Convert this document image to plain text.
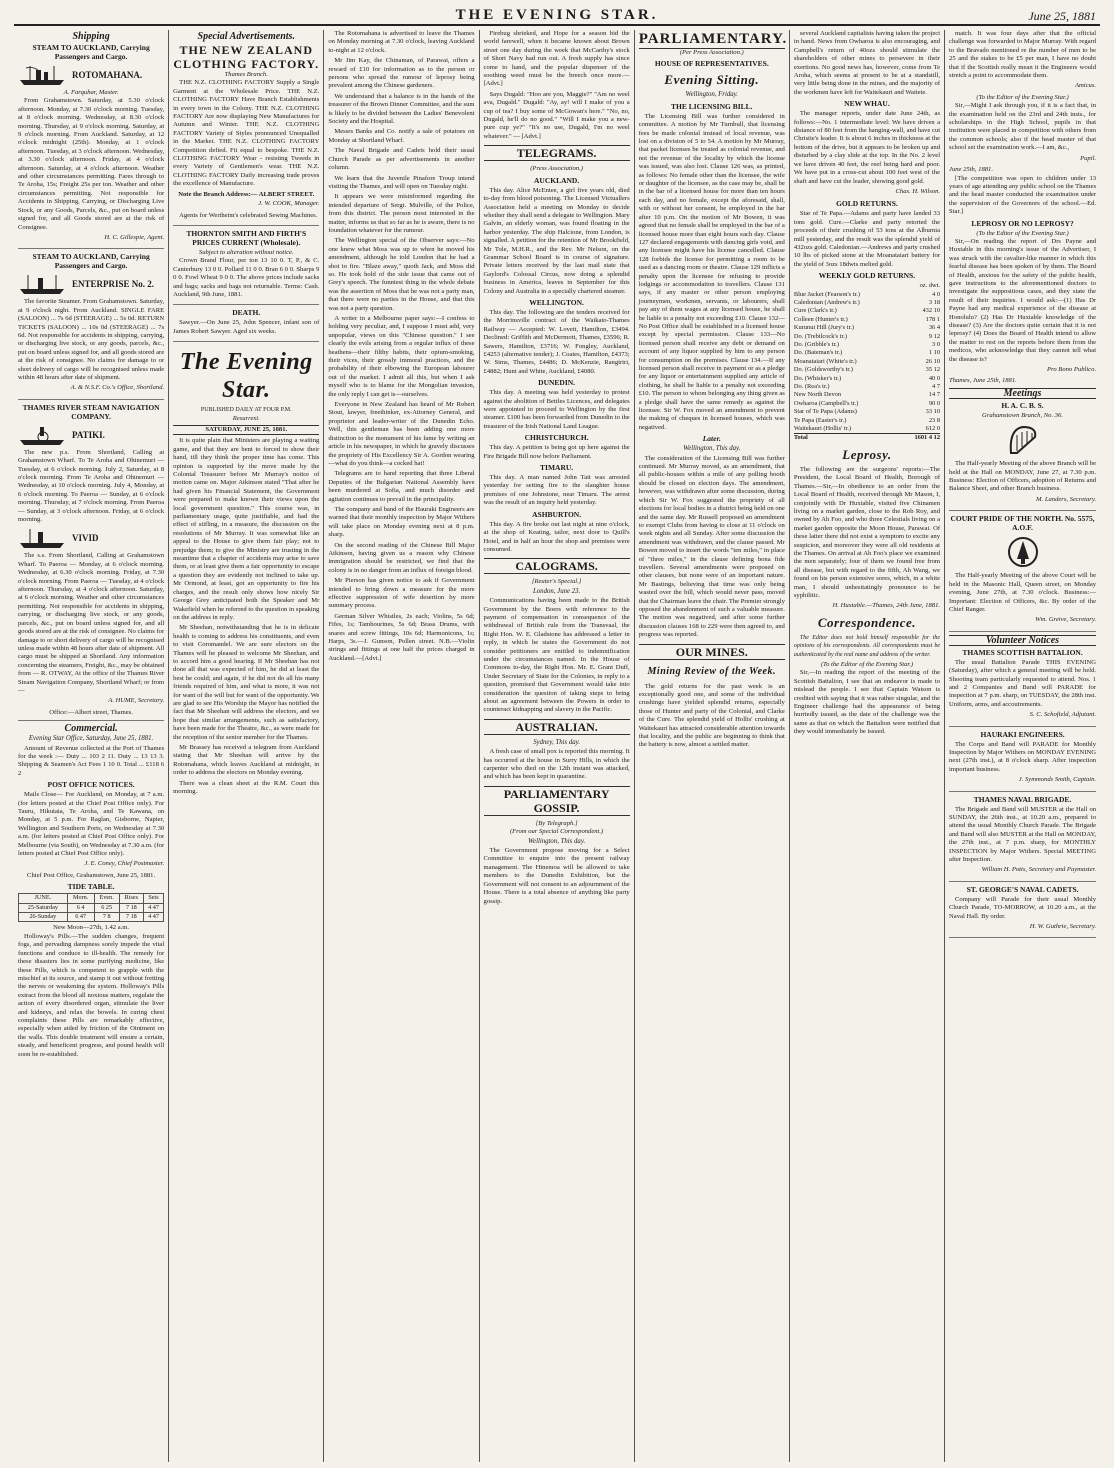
THE EVENING STAR.	June 25, 1881
Shipping
STEAM TO AUCKLAND, Carrying Passengers and Cargo.
ROTOMAHANA.
A. Farquhar, Master.

From Grahamstown. Saturday, at 5.30 o'clock afternoon. Monday, at 7.30 o'clock morning. Tuesday, at 8 o'clock morning. Wednesday, at 8.30 o'clock morning. Thursday, at 9 o'clock morning. Saturday, at 9 o'clock morning. From Auckland. Saturday, at 12 o'clock midnight (25th). Monday, at 1 o'clock afternoon. Tuesday, at 3 o'clock afternoon. Wednesday, at 3.30 o'clock afternoon. Friday, at 4 o'clock afternoon. Saturday, at 4 o'clock afternoon. Weather and other circumstances permitting. Fares through to Te Aroha, 15s; Freight 25s per ton. Weather and other circumstances permitting. Not responsible for Accidents in Shipping, Carrying, or Discharging Live Stock, or any Goods, Parcels, &c., put on board unless signed for, and all Goods stored are at the risk of Consignee.

H. C. Gillespie, Agent.
STEAM TO AUCKLAND, Carrying Passengers and Cargo.
ENTERPRISE No. 2.

The favorite Steamer. From Grahamstown. Saturday, at 9 o'clock night. From Auckland. SINGLE FARE (SALOON) ... 7s 6d (STEERAGE) ... 5s 0d. RETURN TICKETS (SALOON) ... 10s 0d (STEERAGE) ... 7s 6d. Not responsible for accidents in shipping, carrying, or discharging live stock, or any goods, parcels, &c., put on board unless signed for, and all goods stored are at the risk of consignee. No claims for damage to or short delivery of cargo will be recognised unless made within 48 hours after date of shipment.

A. & N.S.F. Co.'s Office, Shortland.
THAMES RIVER STEAM NAVIGATION COMPANY.
PATIKI.

The new p.s. From Shortland, Calling at Grahamstown Wharf. To Te Aroha and Ohinemuri — Tuesday, at 6 o'clock morning. July 2, Saturday, at 8 o'clock morning. From Te Aroha and Ohinemuri — Wednesday, at 10 o'clock morning. July 4, Monday, at 6 o'clock morning. To Paeroa — Sunday, at 6 o'clock morning. Thursday, at 7 o'clock morning. From Paeroa — Sunday, at 3 o'clock afternoon. Friday, at 6 o'clock morning.

VIVID

The s.s. From Shortland, Calling at Grahamstown Wharf. To Paeroa — Monday, at 6 o'clock morning. Wednesday, at 6.30 o'clock morning. Friday, at 7.30 o'clock morning. From Paeroa — Tuesday, at 4 o'clock afternoon. Thursday, at 4 o'clock afternoon. Saturday, at 6 o'clock morning. Weather and other circumstances permitting. Not responsible for accidents in shipping, carrying, or discharging live stock, or any goods, parcels, &c., put on board unless signed for, and all goods stored are at the risk of consignee. No claims for damage to or short delivery of cargo will be recognised unless made within 48 hours after date of shipment. All cargo must be shipped at Shortland. Any information concerning the steamers, Freight, &c., may be obtained from — R. OTWAY, At the office of the Thames River Steam Navigation Company, Shortland Wharf; or from —

A. HUME, Secretary.
Office:—Albert street, Thames.
Commercial.
Evening Star Office, Saturday, June 25, 1881.

Amount of Revenue collected at the Port of Thames for the week :— Duty ... 103 2 11. Duty ... 13 13 3. Shipping & Seamen's Act Fees 1 10 0. Total ... £118 6 2

POST OFFICE NOTICES.

Mails Close— For Auckland, on Monday, at 7 a.m. (for letters posted at the Chief Post Office only). For Tauru, Hikutaia, Te Aroha, and Te Kawana, on Monday, at 5 p.m. For Raglan, Gisborne, Napier, Wellington and Southern Ports, on Wednesday at 7.30 a.m. (for letters posted at Chief Post Office only). For Melbourne (via South), on Wednesday at 7.30 a.m. (for letters posted at Chief Post Office only).

J. E. Coney, Chief Postmaster.
Chief Post Office, Grahamstown, June 25, 1881.
TIDE TABLE.
JUNE.	Morn.	Even.	Rises	Sets
25-Saturday	6 4	6 25	7 18	4 47
26-Sunday	6 47	7 8	7 18	4 47
New Moon—27th, 1.42 a.m.

Holloway's Pills.—The sudden changes, frequent fogs, and pervading dampness sorely impede the vital functions and conduce to ill-health. The remedy for these disasters lies in some purifying medicine, like these Pills, which is competent to grapple with the mischief at its source, and stamp it out without fretting the nerves or weakening the system. Holloway's Pills extract from the blood all noxious matters, regulate the action of every disordered organ, stimulate the liver and kidneys, and relax the bowels. In curing chest complaints these Pills are remarkably effective, especially when aided by friction of the Ointment on the walls. This double treatment will ensure a certain, steady, and beneficent progress, and pound health will soon be re-established.

Special Advertisements.
THE NEW ZEALAND CLOTHING FACTORY.
Thames Branch.

THE N.Z. CLOTHING FACTORY Supply a Single Garment at the Wholesale Price. THE N.Z. CLOTHING FACTORY Have Branch Establishments in every town in the Colony. THE N.Z. CLOTHING FACTORY Are now displaying New Manufactures for Autumn and Winter. THE N.Z. CLOTHING FACTORY Variety of Styles pronounced Unequalled in the Market. THE N.Z. CLOTHING FACTORY Competition defied. Fit equal to bespoke. THE N.Z. CLOTHING FACTORY Wear - resisting Tweeds in every Variety of Gentlemen's wear. THE N.Z. CLOTHING FACTORY Daily increasing trade proves the excellence of Manufacture.

Note the Branch Address:— ALBERT STREET.
J. W. COOK, Manager.

Agents for Wertheim's celebrated Sewing Machines.

THORNTON SMITH AND FIRTH'S PRICES CURRENT (Wholesale).
Subject to alteration without notice.

Crown Brand Flour, per ton 13 10 0. T, P., & C. Canterbury 13 0 0. Pollard 11 0 0. Bran 6 0 0. Sharps 9 0 0. Fowl Wheat 9 0 0. The above prices include sacks and bags; sacks and bags not returnable. Terms: Cash. Auckland, 9th June, 1881.

DEATH.

Sawyer.—On June 25, John Spencer, infant son of James Robert Sawyer. Aged six weeks.

The Evening Star.
PUBLISHED DAILY AT FOUR P.M.
Resurrexi.
SATURDAY, JUNE 25, 1881.

It is quite plain that Ministers are playing a waiting game, and that they are bent to forced to show their hand, till they think the proper time has come. This opinion is supported by the move made by the Colonial Treasurer before Mr Murray's notice of motion came on. Major Atkinson stated "That after he had given his Financial Statement, the Government were prepared to make known their views upon the local government question." This course was, in parliamentary usage, quite justifiable, and had the effect of stifling, in a measure, the discussion on the resolutions of Mr Murray. It was somewhat like an appeal to the House to give them fair play; not to prejudge them; to give the Ministry are trusting in the meantime that a chapter of accidents may arise to save them, or at least give them a fair opportunity to escape a question they are evidently not inclined to take up. Mr Ormond, at least, got an opportunity to fire his charges, and the result only shows how nicely Sir George Grey anticipated both the Speaker and Mr Wakefield when he referred to the question in speaking on the address in reply.

Mr Sheehan, notwithstanding that he is in delicate health is coming to address his constituents, and even to visit Coromandel. We are sure electors on the Thames will be pleased to welcome Mr Sheehan, and to accord him a good hearing. If Mr Sheehan has not done all that was expected of him, he did at least the best he could; and again, if he did not do all his many friends required of him, and what is more, it was not for want of the will but for want of the opportunity. We are glad to see His Worship the Mayor has notified the fact that Mr Sheehan will address the electors, and we hope that similar arrangements, such as satisfactory, have been made for the Theatre, &c., as were made for the reception of the senior member for the Thames.

Mr Brassey has received a telegram from Auckland stating that Mr Sheehan will arrive by the Rotomahana, which leaves Auckland at midnight, in order to address the electors on Monday evening.

There was a clean sheet at the R.M. Court this morning.

The Rotomahana is advertised to leave the Thames on Monday morning at 7.30 o'clock, leaving Auckland to-night at 12 o'clock.

Mr Jim Kay, the Chinaman, of Parawai, offers a reward of £10 for information as to the person or persons who spread the rumour of leprosy being prevalent among the Chinese gardeners.

We understand that a balance is in the hands of the treasurer of the Brown Dinner Committee, and the sum is likely to be divided between the Ladies' Benevolent Society and the Hospital.

Messrs Banks and Co. notify a sale of potatoes on Monday at Shortland Wharf.

The Naval Brigade and Cadets hold their usual Church Parade as per advertisements in another column.

We learn that the Juvenile Pinafore Troup intend visiting the Thames, and will open on Tuesday night.

It appears we were misinformed regarding the intended departure of Sergt. Mulville, of the Police, from this district. The person most interested in the matter, informs us that so far as he is aware, there is no foundation whatever for the rumour.

The Wellington special of the Observer says:—No one knew what Moss was up to when he moved his amendment, although he told London that he had a shot to fire. "Blaze away," quoth Jack, and Moss did so. He took hold of the side issue that came out of Grey's speech. The funniest thing in the whole debate was the assertion of Moss that he was not a party man, that there were no parties in the House, and that this was not a party question.

A writer in a Melbourne paper says:—I confess to holding very peculiar, and, I suppose I must add, very unpopular, views on this "Chinese question." I see clearly the evils arising from a regular influx of these heathens—their filthy habits, their opium-smoking, their vices, their grossly immoral practices, and the probability of their elbowing the European labourer out of the market. I admit all this, but when I ask myself who is to blame for the Mongolian invasion, the only reply I can get is—ourselves.

Everyone in New Zealand has heard of Mr Robert Stout, lawyer, freethinker, ex-Attorney General, and proprietor and leader-writer of the Dunedin Echo. Well, this gentleman has been adding one more distinction to the monument of his fame by writing an article in his newspaper, in which he gravely discusses the propriety of His Excellency Sir A. Gordon wearing—what do you think—a cocked hat!

Telegrams are to hand reporting that three Liberal Deputies of the Bulgarian National Assembly have been murdered at Sofia, and much disorder and agitation continues to prevail in the principality.

The company and band of the Hauraki Engineers are warned that their monthly inspection by Major Withers will take place on Monday evening next at 8 p.m. sharp.

On the second reading of the Chinese Bill Major Atkinson, having given us a reason why Chinese immigration should be restricted, we find that the colony is in no danger from an influx of foreign blood.

Mr Pierson has given notice to ask if Government intended to bring down a measure for the more effective suppression of wife desertion by more summary process.

German Silver Whistles, 2s each; Violins, 5s 6d; Fifes, 1s; Tambourines, 5s 6d; Brass Drums, with snares and screw fittings, 10s 6d; Harmonicons, 1s; Harps, 3s.—J. Gunson, Pollen street. N.B.—Violin strings and fittings at one half the prices charged in Auckland.—[Advt.]

Firebug shrieked, and Hope for a season bid the world farewell, when it became known about Brown street one day during the week that McCarthy's stock of Short Navy had run out. A fresh supply has since come to hand, and the popular dispenser of the soothing weed must be the breech once more.—[Advt.]

Says Dugald: "Hoo are you, Maggie?" "Am no weel ava, Dugald." Dugald: "Ay, ay! will I make of you a cup of tea? I buy some of McGowan's here." "No, no, Dugald, he'll do no good." "Will I make you a new-pure cup ye?" "It's no use, Dugald, I'm no weel whatever." — [Advt.]

TELEGRAMS.
(Press Association.)
AUCKLAND.

This day. Alice McEntee, a girl five years old, died to-day from blood poisoning. The Licensed Victuallers Association held a meeting on Monday to decide whether they shall send a delegate to Wellington. Mary Galvin, an elderly woman, was found floating in the harbor yesterday. The ship Halcione, from London, is signalled. A petition for the retention of Mr Brookfield, Mr Tole, M.H.R., and the Rev. Mr Nelson, on the Grammar School Board is in course of signature. Private letters received by the last mail state that Gaylord's Colossal Circus, now doing a splendid business in America, leaves in September for this Colony and Australia in a specially chartered steamer.

WELLINGTON.

This day. The following are the tenders received for the Morrinsville contract of the Waikato-Thames Railway — Accepted: W. Lovett, Hamilton, £3494. Declined: Griffith and McDermott, Thames, £3596; R. Sawers, Hamilton, £3716; W. Fongley, Auckland, £4253 (alternative tender); J. Coates, Hamilton, £4373; W. Sims, Thames, £4486; D. McKenzie, Rangiriri, £4882; Hunt and White, Auckland, £4080.

DUNEDIN.

This day. A meeting was held yesterday to protest against the abolition of Bettles Licences, and delegates were appointed to proceed to Wellington by the first steamer. £100 has been forwarded from Dunedin to the treasurer of the Irish National Land League.

CHRISTCHURCH.

This day. A petition is being got up here against the Fire Brigade Bill now before Parliament.

TIMARU.

This day. A man named John Tait was arrested yesterday for setting fire to the slaughter house premises of one Johnstone, near Timaru. The arrest was the result of an inquiry held yesterday.

ASHBURTON.

This day. A fire broke out last night at nine o'clock, at the shop of Keating, tailor, next door to Quill's Hotel, and in half an hour the shop and premises were consumed.

CALOGRAMS.
[Reuter's Special.]
London, June 23.

Communications having been made to the British Government by the Boers with reference to the payment of compensation in consequence of the withdrawal of British rule from the Transvaal, the Right Hon. W. E. Gladstone has addressed a letter in reply, in which he states the Government do not consider petitioners are entitled to indemnification under the circumstances named. In the House of Commons to-day, the Right Hon. Mr. E. Grant Duff, Under Secretary of State for the Colonies, in reply to a question, promised that Government would take into consideration the question of taking steps to bring about an agreement between the Powers in order to counteract kidnapping and slavery in the Pacific.

AUSTRALIAN.
Sydney, This day.

A fresh case of small pox is reported this morning. It has occurred at the house in Surry Hills, in which the carpenter who died on the 12th instant was attacked, and which has been kept in quarantine.

PARLIAMENTARY GOSSIP.
[By Telegraph.]
(From our Special Correspondent.)
Wellington, This day.

The Government propose moving for a Select Committee to enquire into the present railway management. The Hinemoa will be allowed to take members to the Dunedin Exhibition, but the Government will not consent to an adjournment of the House. There is a total absence of anything like party gossip.

PARLIAMENTARY.
(Per Press Association.)
HOUSE OF REPRESENTATIVES.
Evening Sitting.
Wellington, Friday.
THE LICENSING BILL.

The Licensing Bill was further considered in committee. A motion by Mr Turnbull, that licensing fees be made colonial instead of local revenue, was lost on a division of 5 to 54. A motion by Mr Murray, that packet licenses be treated as colonial revenue, and not the revenue of the locality by which the license was issued, was also lost. Clause 126 was, as printed, as follows: No female other than the licensee, the wife or daughter of the licensee, as the case may be, shall be in the bar of a licensed house for more than ten hours each day, and no female, except the aforesaid, shall, with or without her consent, be employed in the bar after 10 p.m. On the motion of Mr Bowen, it was agreed that no female shall be employed in the bar of a licensed house more than eight hours each day. Clause 127 declared engagements with dancing girls void, and any licensee might have his license cancelled. Clause 128 forbids the license for permitting a room to be used as a dancing room or theatre. Clause 129 inflicts a penalty upon the licensee for refusing to provide lodgings or accommodation to travellers. Clause 131 says, if any master or other person employing journeymen, workmen, servants, or labourers, shall pay any of them wages at any licensed house, he shall be liable to a penalty not exceeding £10. Clause 132—No Post Office shall be established in a licensed house except by special permission. Clause 133—No licensed person shall receive any debt or demand on account of any liquor supplied by him to any person for consumption on the premises. Clause 134.—If any licensed person shall receive in payment or as a pledge for any liquor or entertainment supplied any article of clothing, he shall be liable to a penalty not exceeding £10. The person to whom belonging any thing given as a pledge shall have the same remedy as against the licensee. Sir W. Fox moved an amendment to prevent the making of cheques in licensed houses, which was negatived.

Later.
Wellington, This day.

The consideration of the Licensing Bill was further continued. Mr Murray moved, as an amendment, that all public-houses within a mile of any polling booth should be closed on election days. The amendment, however, was withdrawn after some discussion, during which Sir W. Fox suggested the propriety of all elections for local bodies in a district being held on one and the same day. Mr Russell proposed an amendment to exempt Clubs from having to close at 11 o'clock on week nights and all Sunday. After some discussion the amendment was withdrawn, and the clause passed. Mr Bowen moved to insert the words "ten miles," in place of "three miles," in the clause defining bona fide travellers. Several amendments were proposed on other clauses, but none were of an important nature. Mr Bastings, believing that time was only being wasted over the bill, which would never pass, moved that the Chairman leave the chair. The Premier strongly opposed the abandonment of such a valuable measure. The motion was negatived, and after some further discussion clauses 168 to 229 were then agreed to, and progress was reported.

OUR MINES.
Mining Review of the Week.

The gold returns for the past week is an exceptionally good one, and some of the individual crushings have yielded splendid returns, especially those of Hunter and party of the Colonial, and Clarke of the Cure. The splendid yield of Hollis' crushing at Waitekauri has attracted considerable attention towards that locality, and the public are beginning to think that the battery is now, almost a settled matter.

several Auckland capitalists having taken the project in hand. News from Owharoa is also encouraging, and Campbell's return of 40ozs should stimulate the shareholders of other mines to persevere in their exertions. No good news has, however, come from Te Aroha, which seems at present to be at a standstill, very little being done in the mines, and the majority of the workmen have left for Waitekauri and Waitete.

NEW WHAU.

The manager reports, under date June 24th, as follows:—No. 1 intermediate level: We have driven a distance of 80 feet from the hanging-wall, and have cut Christie's leader. It is about 6 inches in thickness at the bottom of the drive, but it appears to be broken up and disturbed by a clay slide at the top. In the No. 2 level we have driven 40 feet, the reef being hard and poor. We have put in a cross-cut about 100 feet west of the shaft and have cut the leader, showing good gold.

Chas. H. Wilson.
GOLD RETURNS.

Star of Te Papa.—Adams and party have landed 33 tons gold. Cure.—Clarke and party retorted the proceeds of their crushing of 53 tons at the Alburnia mill yesterday, and the result was the splendid yield of 432ozs gold. Caledonian.—Andrews and party crushed 10 lbs of picked stone at the Moanataiari battery for the yield of 3ozs 18dwts melted gold.

WEEKLY GOLD RETURNS.
oz. dwt.
Blue Jacket (Fearson's tr.)	4 0
Caledonian (Andrew's tr.)	3 18
Cure (Clark's tr.)	432 10
Colleen (Hunter's tr.)	178 1
Kurunui Hill (Jury's tr.)	36 4
Do. (Trebilcock's tr.)	9 12
Do. (Gribble's tr.)	3 0
Do. (Bateman's tr.)	1 10
Moanataiari (White's tr.)	26 10
Do. (Goldsworthy's tr.)	35 12
Do. (Whisker's tr.)	40 0
Do. (Rea's tr.)	4 7
New North Devon	14 7
Owharoa (Campbell's tr.)	90 0
Star of Te Papa (Adams)	33 10
Te Papa (Easter's tr.)	23 8
Waitekauri (Hollis' tr.)	612 0
Total	1601 4 12
Leprosy.

The following are the surgeons' reports:—The President, the Local Board of Health, Borough of Thames.—Sir,—In obedience to an order from the Local Board of Health, received through Mr Mason, I, conjointly with Dr Huxtable, visited five Chinamen living on a market garden, close to the Rob Roy, and owned by Ah Foo, and who three Celestials living on a market garden opposite the Moon House, Parawai. Of these latter there did not exist a symptom to excite any suspicion, and moreover they were all old residents at the Thames. On arrival at Ah Foo's place we examined the men separately; four of them we found free from all disease, but with regard to the fifth, Ah Wang, we found on his person extensive sores, which, in a white man, I should unhesitatingly pronounce to be syphilitic.

H. Huxtable.—Thames, 24th June, 1881.
Correspondence.

The Editor does not hold himself responsible for the opinions of his correspondents. All correspondents must be authenticated by the real name and address of the writer.

(To the Editor of the Evening Star.)

Sir,—In reading the report of the meeting of the Scottish Battalion, I see that an endeavor is made to mislead the people. I see that Captain Watson is credited with saying that it was rather singular, and the Engineer challenge had the appearance of being hurriedly issued, as the date of the challenge was the same as that on which the Battalion were notified that they would immediately be issued.

match. It was four days after that the official challenge was forwarded to Major Murray. With regard to the Bravado mentioned re the number of men to be 25 and the stakes to be £5 per man, I have no doubt that if the Scottish really mean it the Engineers would stretch a point to accommodate them.

Amicus.
(To the Editor of the Evening Star.)

Sir,—Might I ask through you, if it is a fact that, in the examination held on the 23rd and 24th insts., for scholarships in the High School, pupils in that institution were placed in competition with others from the common schools; also if the head master of that school set the examination work.—I am, &c.,

Pupil.
June 25th, 1881.

[The competition was open to children under 13 years of age attending any public school on the Thames and the head master conducted the examination under the supervision of the Governors of the school.—Ed. Star.]

LEPROSY OR NO LEPROSY?
(To the Editor of the Evening Star.)

Sir,—On reading the report of Drs Payne and Huxtable in this morning's issue of the Advertiser, I was struck with the cavalier-like manner in which this fearful disease has been spoken of by them. The Board of Health, anxious for the safety of the public health, gave instructions to the aforementioned doctors to investigate the suppositious cases, and they state the result of their inquiries. I would ask:—(1) Has Dr Payne had any medical experience of the disease at Honolulu? (2) Has Dr Huxtable knowledge of the disease? (3) Are the doctors quite certain that it is not leprosy? (4) Does the Board of Health intend to allow the matter to rest on the reports before them from the medicos, who acknowledge that they cannot tell what the disease is?

Pro Bono Publico.
Thames, June 25th, 1881.
Meetings
H. A. C. B. S.
Grahamstown Branch, No. 36.

The Half-yearly Meeting of the above Branch will be held at the Hall on MONDAY, June 27, at 7.30 p.m. Business: Election of Officers, adoption of Returns and Balance Sheet, and other Branch business.

M. Landers, Secretary.
COURT PRIDE OF THE NORTH. No. 5575, A.O.F.

The Half-yearly Meeting of the above Court will be held in the Masonic Hall, Queen street, on Monday evening, June 27th, at 7.30 o'clock. Business:—Important: Election of Officers, &c. By order of the Chief Ranger.

Wm. Greive, Secretary.
Volunteer Notices
THAMES SCOTTISH BATTALION.

The usual Battalion Parade THIS EVENING (Saturday), after which a general meeting will be held. Shooting team particularly requested to attend. Nos. 1 and 2 Companies and Band will PARADE for inspection at 7 p.m. sharp, on TUESDAY, the 28th inst. Uniform, arms, and accoutrements.

S. C. Schofield, Adjutant.
HAURAKI ENGINEERS.

The Corps and Band will PARADE for Monthly Inspection by Major Withers on MONDAY EVENING next (27th inst.), at 8 o'clock sharp. After inspection important business.

J. Symmonds Smith, Captain.
THAMES NAVAL BRIGADE.

The Brigade and Band will MUSTER at the Hall on SUNDAY, the 26th inst., at 10.20 a.m., prepared to attend the usual Monthly Church Parade. The Brigade and Band will also MUSTER at the Hall on MONDAY, the 27th inst., at 7 p.m. sharp, for MONTHLY INSPECTION by Major Withers. Special MEETING after Inspection.

William H. Potts, Secretary and Paymaster.
ST. GEORGE'S NAVAL CADETS.

Company will Parade for their usual Monthly Church Parade, TO-MORROW, at 10.20 a.m., at the Naval Hall. By order.

H. W. Guthrie, Secretary.
